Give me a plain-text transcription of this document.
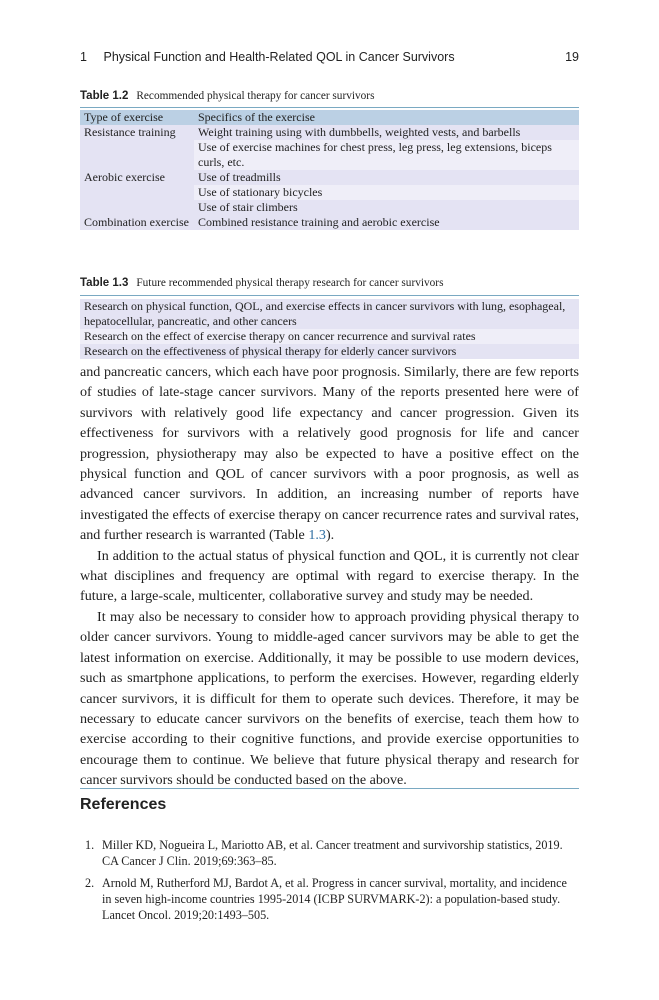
1 Physical Function and Health-Related QOL in Cancer Survivors	19
Table 1.2 Recommended physical therapy for cancer survivors
Type of exercise	Specifics of the exercise
Resistance training	Weight training using with dumbbells, weighted vests, and barbells
Use of exercise machines for chest press, leg press, leg extensions, biceps curls, etc.

Aerobic exercise	Use of treadmills
Use of stationary bicycles
Use of stair climbers

Combination exercise	Combined resistance training and aerobic exercise
Table 1.3 Future recommended physical therapy research for cancer survivors
Research on physical function, QOL, and exercise effects in cancer survivors with lung, esophageal, hepatocellular, pancreatic, and other cancers
Research on the effect of exercise therapy on cancer recurrence and survival rates
Research on the effectiveness of physical therapy for elderly cancer survivors

and pancreatic cancers, which each have poor prognosis. Similarly, there are few reports of studies of late-stage cancer survivors. Many of the reports presented here were of survivors with relatively good life expectancy and cancer progression. Given its effectiveness for survivors with a relatively good prognosis for life and cancer progression, physiotherapy may also be expected to have a positive effect on the physical function and QOL of cancer survivors with a poor prognosis, as well as advanced cancer survivors. In addition, an increasing number of reports have investigated the effects of exercise therapy on cancer recurrence rates and survival rates, and further research is warranted (Table 1.3).

In addition to the actual status of physical function and QOL, it is currently not clear what disciplines and frequency are optimal with regard to exercise therapy. In the future, a large-scale, multicenter, collaborative survey and study may be needed.

It may also be necessary to consider how to approach providing physical therapy to older cancer survivors. Young to middle-aged cancer survivors may be able to get the latest information on exercise. Additionally, it may be possible to use modern devices, such as smartphone applications, to perform the exercises. However, regarding elderly cancer survivors, it is difficult for them to operate such devices. Therefore, it may be necessary to educate cancer survivors on the benefits of exercise, teach them how to exercise according to their cognitive functions, and provide exercise opportunities to encourage them to continue. We believe that future physical therapy and research for cancer survivors should be conducted based on the above.

References
1. Miller KD, Nogueira L, Mariotto AB, et al. Cancer treatment and survivorship statistics, 2019. CA Cancer J Clin. 2019;69:363–85.
2. Arnold M, Rutherford MJ, Bardot A, et al. Progress in cancer survival, mortality, and incidence in seven high-income countries 1995-2014 (ICBP SURVMARK-2): a population-based study. Lancet Oncol. 2019;20:1493–505.
